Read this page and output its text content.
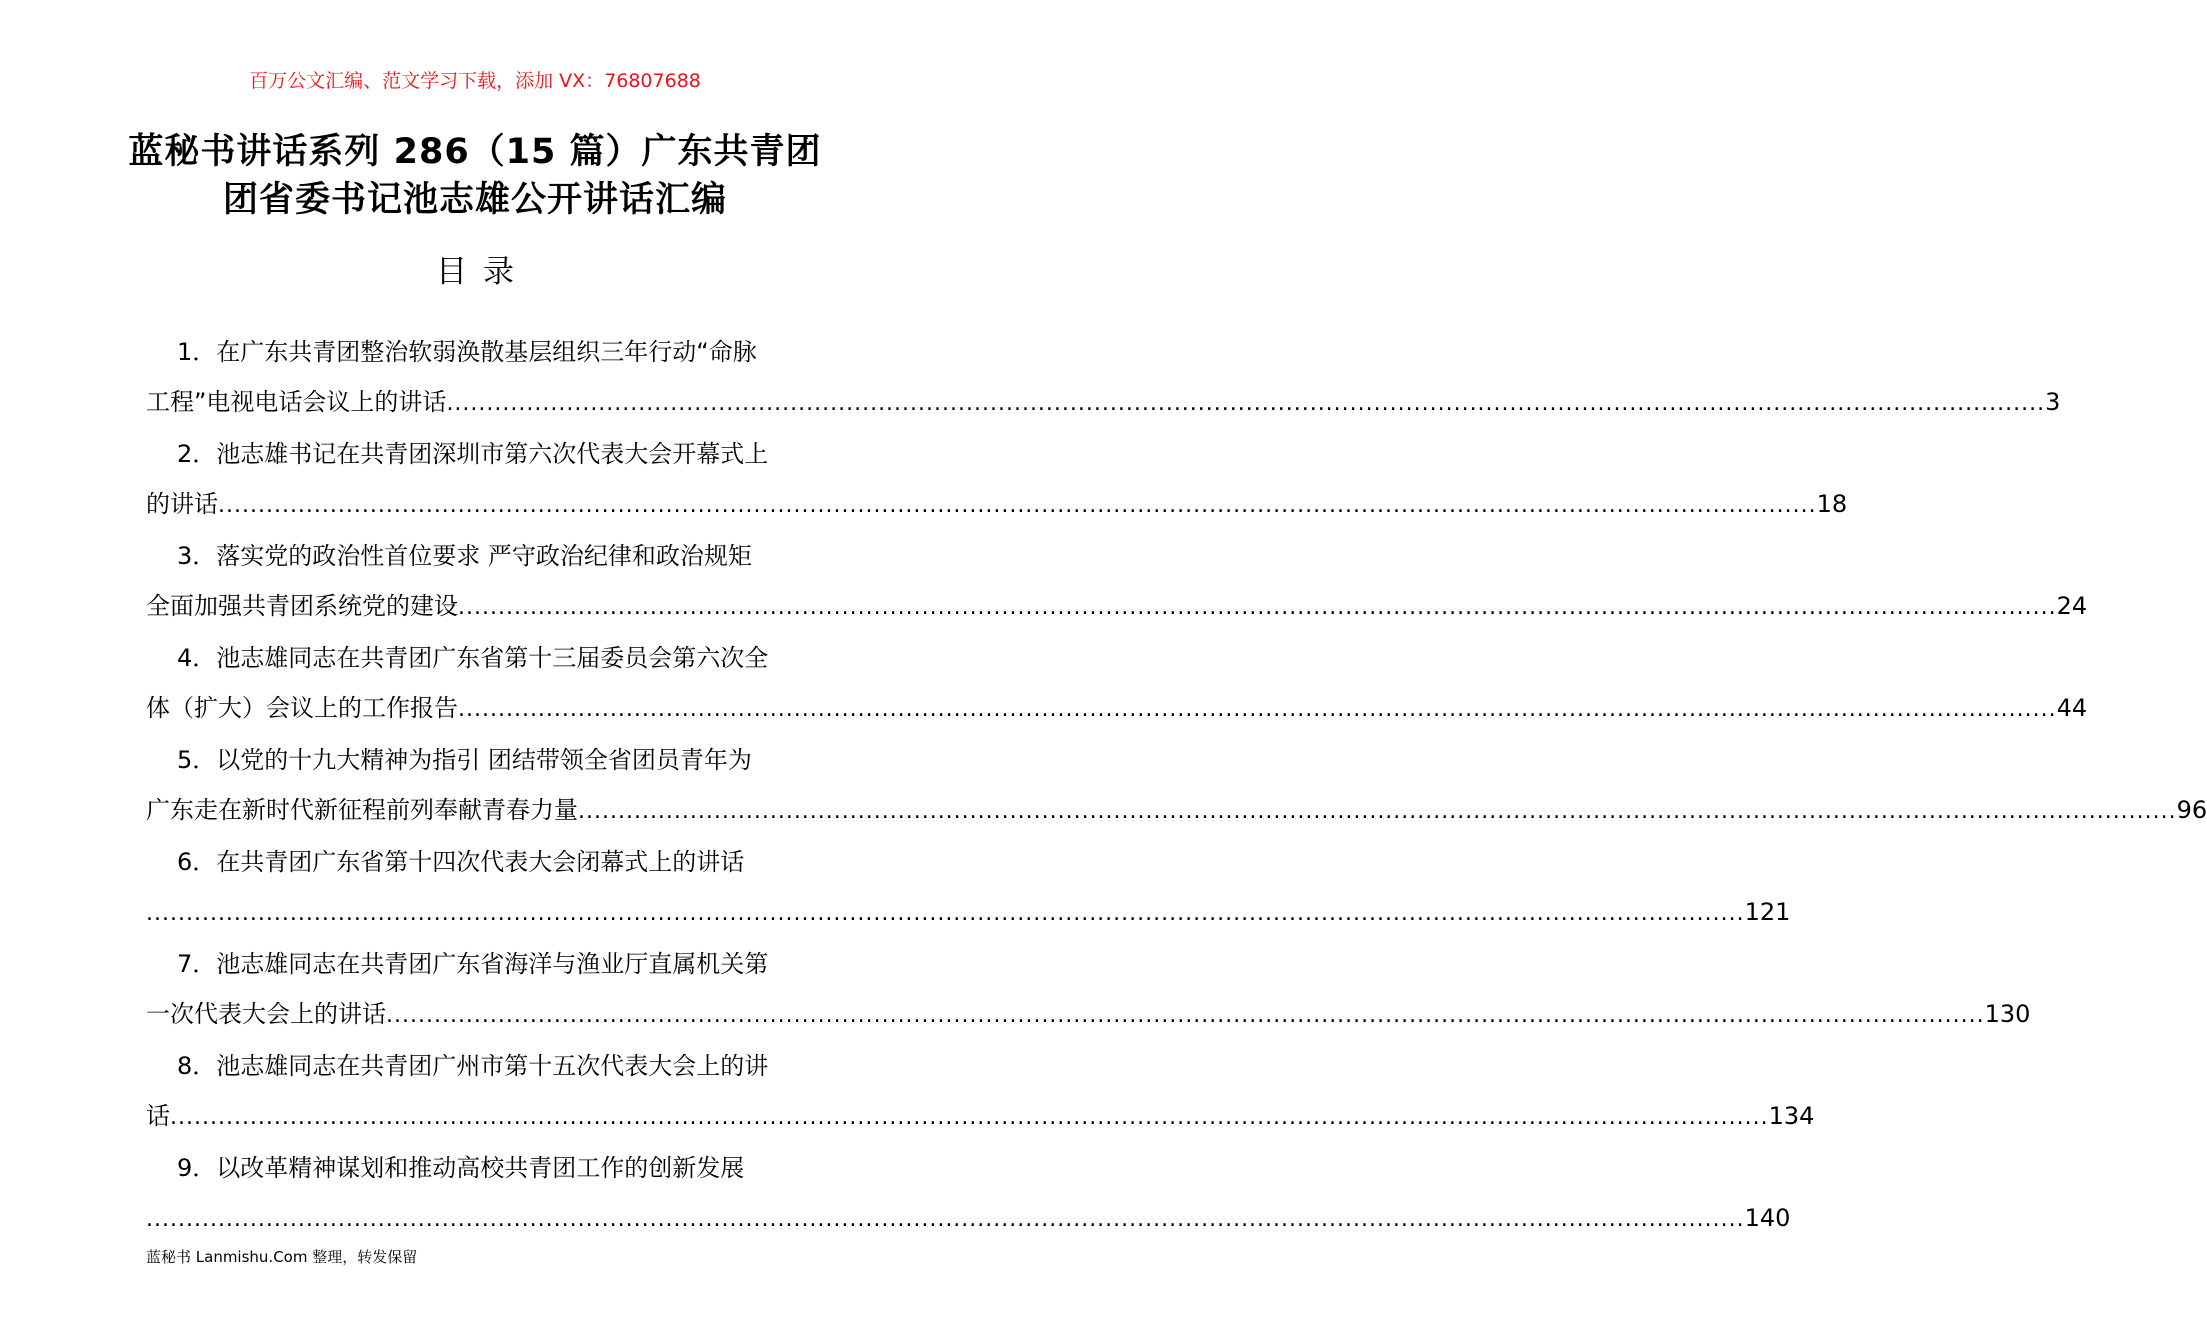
百万公文汇编、范文学习下载，添加 VX：76807688
蓝秘书讲话系列 286（15 篇）广东共青团
团省委书记池志雄公开讲话汇编
目录
1．在广东共青团整治软弱涣散基层组织三年行动“命脉
工程”电视电话会议上的讲话 ........................................................................................................................................................................................................ 3
2．池志雄书记在共青团深圳市第六次代表大会开幕式上
的讲话 ........................................................................................................................................................................................................ 18
3．落实党的政治性首位要求 严守政治纪律和政治规矩
全面加强共青团系统党的建设 ........................................................................................................................................................................................................ 24
4．池志雄同志在共青团广东省第十三届委员会第六次全
体（扩大）会议上的工作报告 ........................................................................................................................................................................................................ 44
5．以党的十九大精神为指引 团结带领全省团员青年为
广东走在新时代新征程前列奉献青春力量 ........................................................................................................................................................................................................ 96
6．在共青团广东省第十四次代表大会闭幕式上的讲话
........................................................................................................................................................................................................ 121
7．池志雄同志在共青团广东省海洋与渔业厅直属机关第
一次代表大会上的讲话 ........................................................................................................................................................................................................ 130
8．池志雄同志在共青团广州市第十五次代表大会上的讲
话 ........................................................................................................................................................................................................ 134
9．以改革精神谋划和推动高校共青团工作的创新发展
........................................................................................................................................................................................................ 140
蓝秘书 Lanmishu.Com 整理，转发保留
